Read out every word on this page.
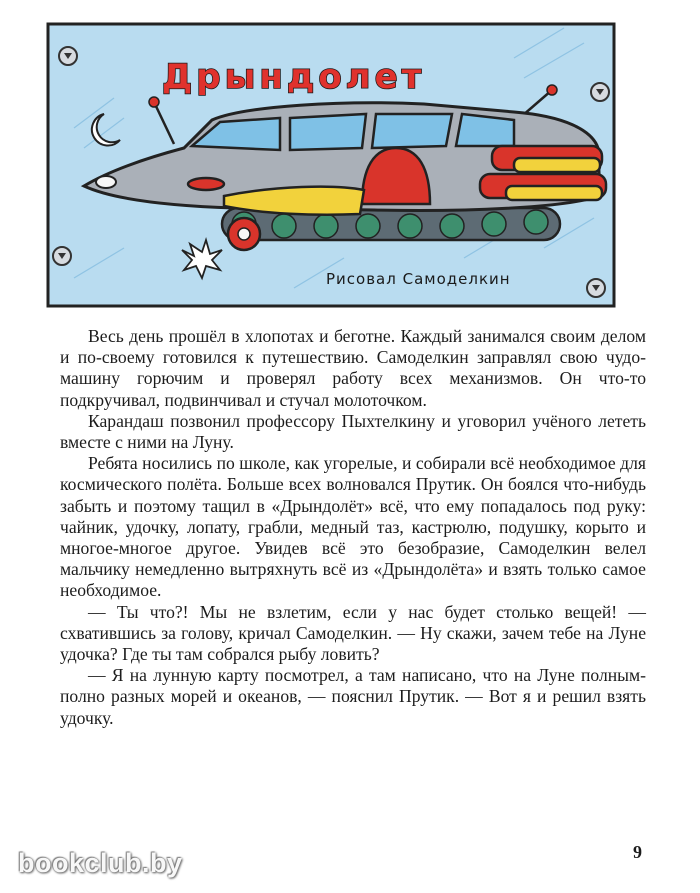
Дрындолет
Рисовал Самоделкин

Весь день прошёл в хлопотах и беготне. Каждый занимался своим делом и по-своему готовился к путешествию. Самоделкин заправлял свою чудо-машину горючим и проверял работу всех механизмов. Он что-то подкручивал, подвинчивал и стучал молоточком.

Карандаш позвонил профессору Пыхтелкину и уговорил учёного лететь вместе с ними на Луну.

Ребята носились по школе, как угорелые, и собирали всё необходимое для космического полёта. Больше всех волновался Прутик. Он боялся что-нибудь забыть и поэтому тащил в «Дрындолёт» всё, что ему попадалось под руку: чайник, удочку, лопату, грабли, медный таз, кастрюлю, подушку, корыто и многое-многое другое. Увидев всё это безобразие, Самоделкин велел мальчику немедленно вытряхнуть всё из «Дрындолёта» и взять только самое необходимое.

— Ты что?! Мы не взлетим, если у нас будет столько вещей! — схватившись за голову, кричал Самоделкин. — Ну скажи, зачем тебе на Луне удочка? Где ты там собрался рыбу ловить?

— Я на лунную карту посмотрел, а там написано, что на Луне полным-полно разных морей и океанов, — пояснил Прутик. — Вот я и решил взять удочку.

9
bookclub.by
